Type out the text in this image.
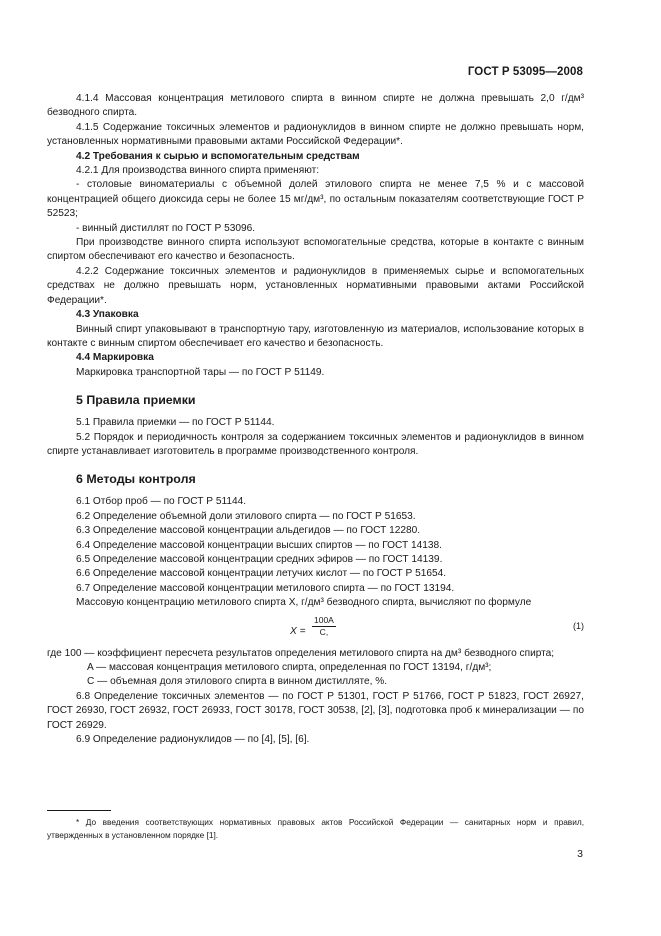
ГОСТ Р 53095—2008

4.1.4 Массовая концентрация метилового спирта в винном спирте не должна превышать 2,0 г/дм³ безводного спирта.

4.1.5 Содержание токсичных элементов и радионуклидов в винном спирте не должно превышать норм, установленных нормативными правовыми актами Российской Федерации*.

4.2 Требования к сырью и вспомогательным средствам

4.2.1 Для производства винного спирта применяют:

- столовые виноматериалы с объемной долей этилового спирта не менее 7,5 % и с массовой концентрацией общего диоксида серы не более 15 мг/дм³, по остальным показателям соответствующие ГОСТ Р 52523;

- винный дистиллят по ГОСТ Р 53096.

При производстве винного спирта используют вспомогательные средства, которые в контакте с винным спиртом обеспечивают его качество и безопасность.

4.2.2 Содержание токсичных элементов и радионуклидов в применяемых сырье и вспомогательных средствах не должно превышать норм, установленных нормативными правовыми актами Российской Федерации*.

4.3 Упаковка

Винный спирт упаковывают в транспортную тару, изготовленную из материалов, использование которых в контакте с винным спиртом обеспечивает его качество и безопасность.

4.4 Маркировка

Маркировка транспортной тары — по ГОСТ Р 51149.

5 Правила приемки

5.1 Правила приемки — по ГОСТ Р 51144.

5.2 Порядок и периодичность контроля за содержанием токсичных элементов и радионуклидов в винном спирте устанавливает изготовитель в программе производственного контроля.

6 Методы контроля

6.1 Отбор проб — по ГОСТ Р 51144.

6.2 Определение объемной доли этилового спирта — по ГОСТ Р 51653.

6.3 Определение массовой концентрации альдегидов — по ГОСТ 12280.

6.4 Определение массовой концентрации высших спиртов — по ГОСТ 14138.

6.5 Определение массовой концентрации средних эфиров — по ГОСТ 14139.

6.6 Определение массовой концентрации летучих кислот — по ГОСТ Р 51654.

6.7 Определение массовой концентрации метилового спирта — по ГОСТ 13194.

Массовую концентрацию метилового спирта X, г/дм³ безводного спирта, вычисляют по формуле

$X = \frac{100A}{C,}$	(1)

где 100 — коэффициент пересчета результатов определения метилового спирта на дм³ безводного спирта;

A — массовая концентрация метилового спирта, определенная по ГОСТ 13194, г/дм³;

C — объемная доля этилового спирта в винном дистилляте, %.

6.8 Определение токсичных элементов — по ГОСТ Р 51301, ГОСТ Р 51766, ГОСТ Р 51823, ГОСТ 26927, ГОСТ 26930, ГОСТ 26932, ГОСТ 26933, ГОСТ 30178, ГОСТ 30538, [2], [3], подготовка проб к минерализации — по ГОСТ 26929.

6.9 Определение радионуклидов — по [4], [5], [6].

* До введения соответствующих нормативных правовых актов Российской Федерации — санитарных норм и правил, утвержденных в установленном порядке [1].
3
